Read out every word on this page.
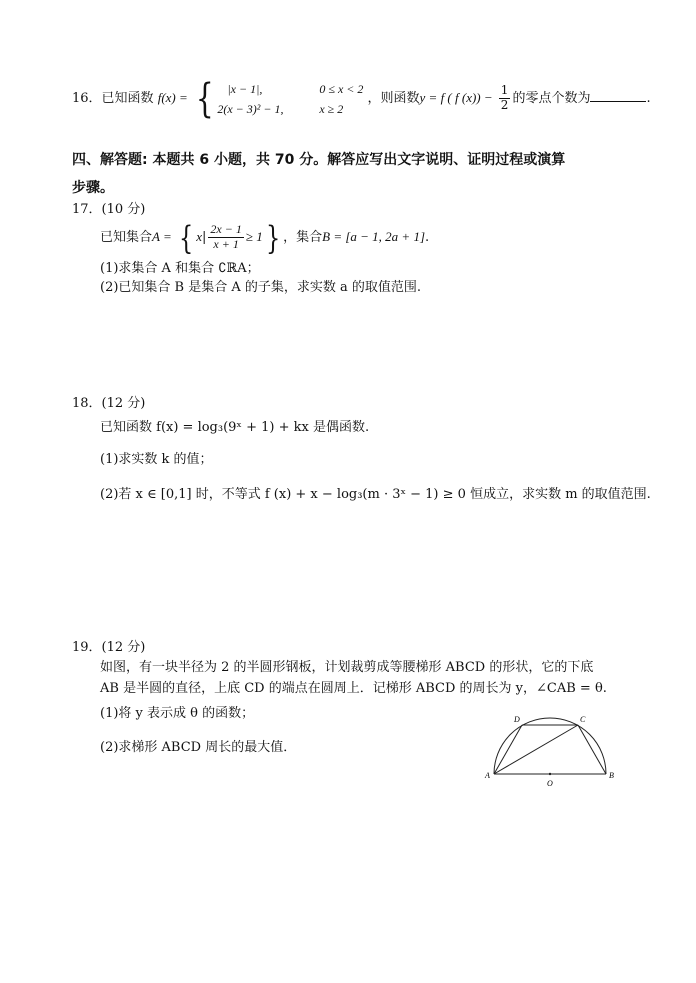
16．已知函数 f(x) = {	|x − 1|,	0 ≤ x < 2
2(x − 3)² − 1,	x ≥ 2
，则函数y = f ( f $(x)) - \frac{1}{2}$ 的零点个数为	.
四、解答题: 本题共 6 小题，共 70 分。解答应写出文字说明、证明过程或演算
步骤。
17．(10 分)
已知集合A = { $x| \frac{2x - 1}{x + 1} \ge 1$} ，集合B = [a − 1, 2a + 1].
(1)求集合 A 和集合 ∁ℝA；
(2)已知集合 B 是集合 A 的子集，求实数 a 的取值范围.
18．(12 分)
已知函数 f(x) = log₃(9ˣ + 1) + kx 是偶函数.
(1)求实数 k 的值；
(2)若 x ∈ [0,1] 时，不等式 f (x) + x − log₃(m · 3ˣ − 1) ≥ 0 恒成立，求实数 m 的取值范围.
19．(12 分)
如图，有一块半径为 2 的半圆形钢板，计划裁剪成等腰梯形 ABCD 的形状，它的下底
AB 是半圆的直径，上底 CD 的端点在圆周上．记梯形 ABCD 的周长为 y，∠CAB = θ.
(1)将 y 表示成 θ 的函数；
(2)求梯形 ABCD 周长的最大值．
A	B
C
D
O
